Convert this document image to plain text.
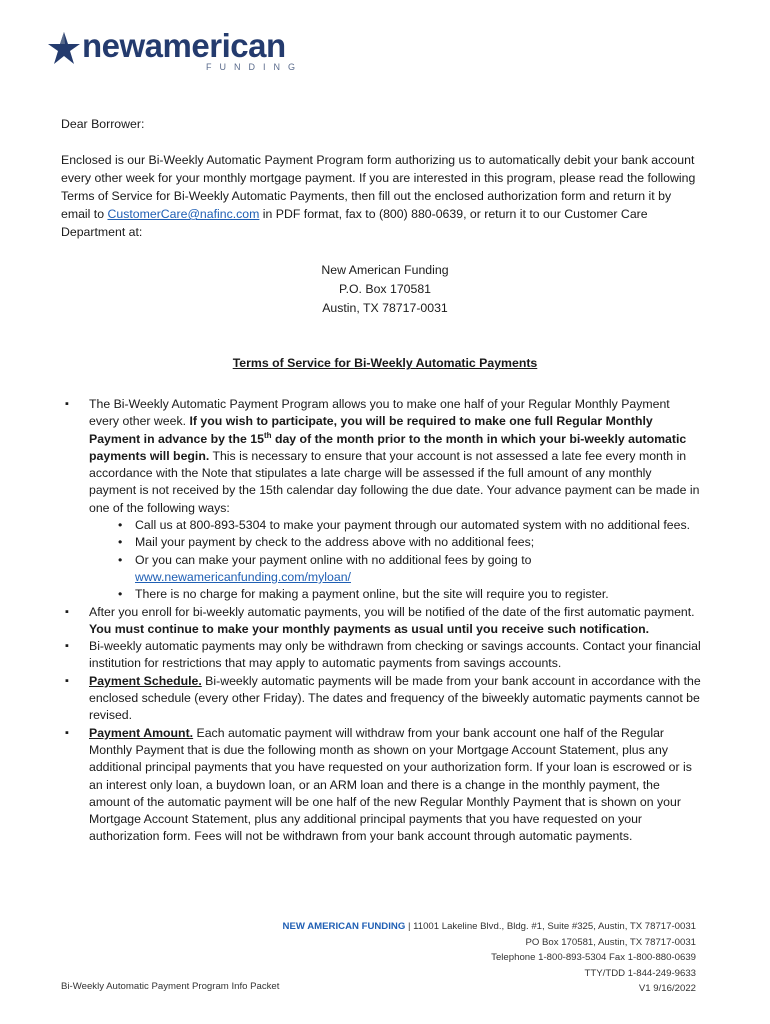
newamerican
FUNDING
Dear Borrower:
Enclosed is our Bi-Weekly Automatic Payment Program form authorizing us to automatically debit your bank account every other week for your monthly mortgage payment. If you are interested in this program, please read the following Terms of Service for Bi-Weekly Automatic Payments, then fill out the enclosed authorization form and return it by email to CustomerCare@nafinc.com in PDF format, fax to (800) 880-0639, or return it to our Customer Care Department at:
New American Funding
P.O. Box 170581
Austin, TX 78717-0031
Terms of Service for Bi-Weekly Automatic Payments
▪ The Bi-Weekly Automatic Payment Program allows you to make one half of your Regular Monthly Payment every other week. If you wish to participate, you will be required to make one full Regular Monthly Payment in advance by the 15th day of the month prior to the month in which your bi-weekly automatic payments will begin. This is necessary to ensure that your account is not assessed a late fee every month in accordance with the Note that stipulates a late charge will be assessed if the full amount of any monthly payment is not received by the 15th calendar day following the due date. Your advance payment can be made in one of the following ways:
• Call us at 800-893-5304 to make your payment through our automated system with no additional fees.
• Mail your payment by check to the address above with no additional fees;
• Or you can make your payment online with no additional fees by going to
www.newamericanfunding.com/myloan/
• There is no charge for making a payment online, but the site will require you to register.
▪ After you enroll for bi-weekly automatic payments, you will be notified of the date of the first automatic payment. You must continue to make your monthly payments as usual until you receive such notification.
▪ Bi-weekly automatic payments may only be withdrawn from checking or savings accounts. Contact your financial institution for restrictions that may apply to automatic payments from savings accounts.
▪ Payment Schedule. Bi-weekly automatic payments will be made from your bank account in accordance with the enclosed schedule (every other Friday). The dates and frequency of the biweekly automatic payments cannot be revised.
▪ Payment Amount. Each automatic payment will withdraw from your bank account one half of the Regular Monthly Payment that is due the following month as shown on your Mortgage Account Statement, plus any additional principal payments that you have requested on your authorization form. If your loan is escrowed or is an interest only loan, a buydown loan, or an ARM loan and there is a change in the monthly payment, the amount of the automatic payment will be one half of the new Regular Monthly Payment that is shown on your Mortgage Account Statement, plus any additional principal payments that you have requested on your authorization form. Fees will not be withdrawn from your bank account through automatic payments.
NEW AMERICAN FUNDING | 11001 Lakeline Blvd., Bldg. #1, Suite #325, Austin, TX 78717-0031
PO Box 170581, Austin, TX 78717-0031
Telephone 1-800-893-5304 Fax 1-800-880-0639
TTY/TDD 1-844-249-9633
V1 9/16/2022
Bi-Weekly Automatic Payment Program Info Packet
